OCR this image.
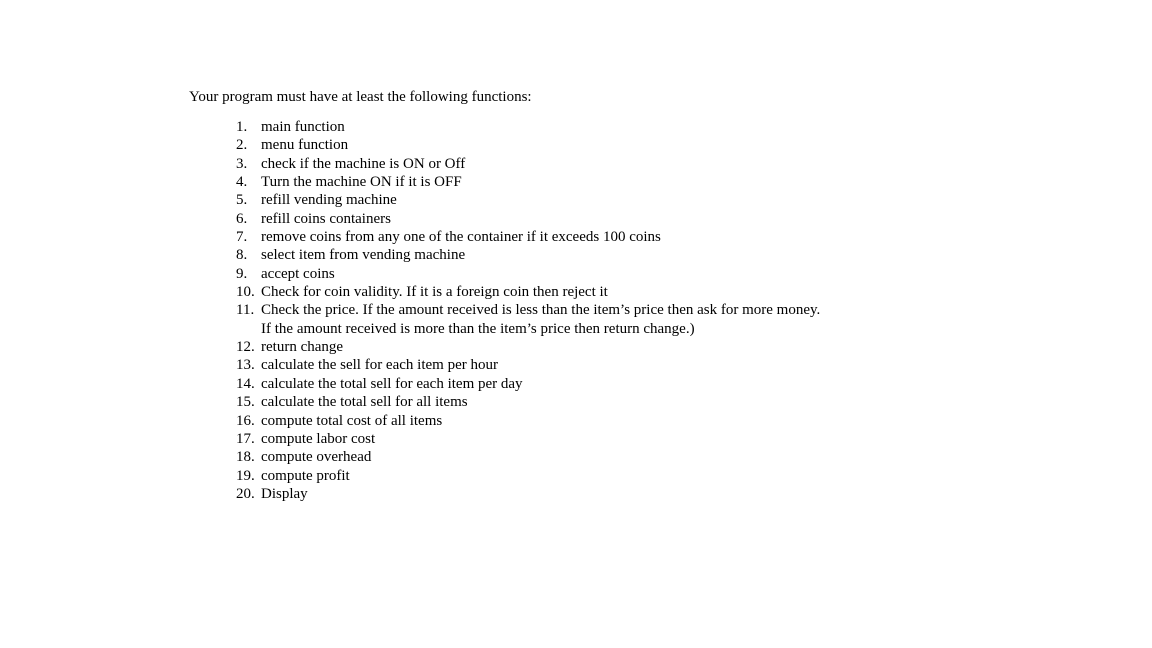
Your program must have at least the following functions:
1. main function
2. menu function
3. check if the machine is ON or Off
4. Turn the machine ON if it is OFF
5. refill vending machine
6. refill coins containers
7. remove coins from any one of the container if it exceeds 100 coins
8. select item from vending machine
9. accept coins
10. Check for coin validity. If it is a foreign coin then reject it
11. Check the price. If the amount received is less than the item’s price then ask for more money. If the amount received is more than the item’s price then return change.)
12. return change
13. calculate the sell for each item per hour
14. calculate the total sell for each item per day
15. calculate the total sell for all items
16. compute total cost of all items
17. compute labor cost
18. compute overhead
19. compute profit
20. Display
